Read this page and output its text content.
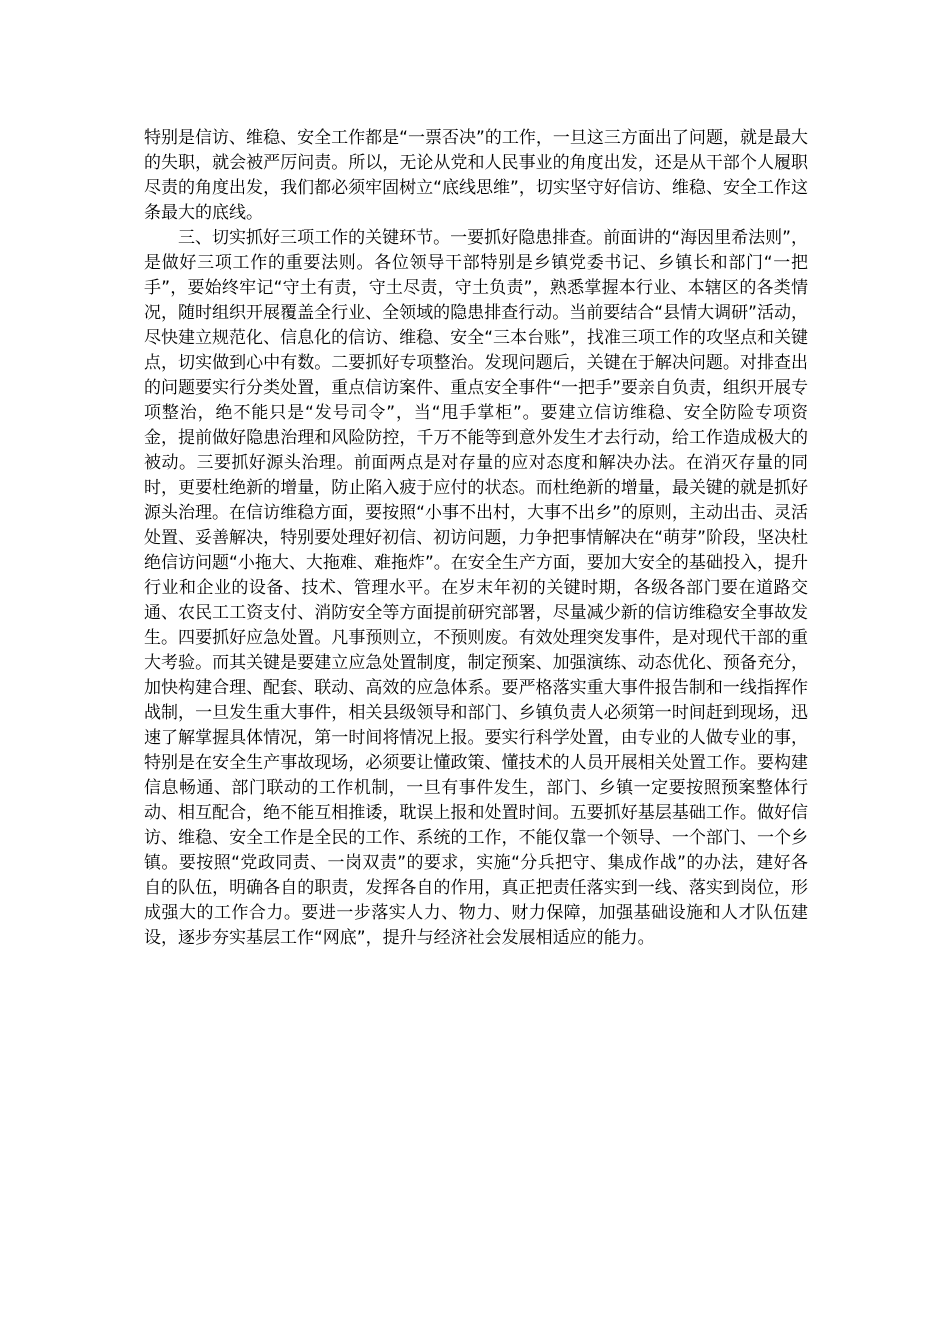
特别是信访、维稳、安全工作都是“一票否决”的工作，一旦这三方面出了问题，就是最大的失职，就会被严厉问责。所以，无论从党和人民事业的角度出发，还是从干部个人履职尽责的角度出发，我们都必须牢固树立“底线思维”，切实坚守好信访、维稳、安全工作这条最大的底线。

三、切实抓好三项工作的关键环节。一要抓好隐患排查。前面讲的“海因里希法则”，是做好三项工作的重要法则。各位领导干部特别是乡镇党委书记、乡镇长和部门“一把手”，要始终牢记“守土有责，守土尽责，守土负责”，熟悉掌握本行业、本辖区的各类情况，随时组织开展覆盖全行业、全领域的隐患排查行动。当前要结合“县情大调研”活动，尽快建立规范化、信息化的信访、维稳、安全“三本台账”，找准三项工作的攻坚点和关键点，切实做到心中有数。二要抓好专项整治。发现问题后，关键在于解决问题。对排查出的问题要实行分类处置，重点信访案件、重点安全事件“一把手”要亲自负责，组织开展专项整治，绝不能只是“发号司令”，当“甩手掌柜”。要建立信访维稳、安全防险专项资金，提前做好隐患治理和风险防控，千万不能等到意外发生才去行动，给工作造成极大的被动。三要抓好源头治理。前面两点是对存量的应对态度和解决办法。在消灭存量的同时，更要杜绝新的增量，防止陷入疲于应付的状态。而杜绝新的增量，最关键的就是抓好源头治理。在信访维稳方面，要按照“小事不出村，大事不出乡”的原则，主动出击、灵活处置、妥善解决，特别要处理好初信、初访问题，力争把事情解决在“萌芽”阶段，坚决杜绝信访问题“小拖大、大拖难、难拖炸”。在安全生产方面，要加大安全的基础投入，提升行业和企业的设备、技术、管理水平。在岁末年初的关键时期，各级各部门要在道路交通、农民工工资支付、消防安全等方面提前研究部署，尽量减少新的信访维稳安全事故发生。四要抓好应急处置。凡事预则立，不预则废。有效处理突发事件，是对现代干部的重大考验。而其关键是要建立应急处置制度，制定预案、加强演练、动态优化、预备充分，加快构建合理、配套、联动、高效的应急体系。要严格落实重大事件报告制和一线指挥作战制，一旦发生重大事件，相关县级领导和部门、乡镇负责人必须第一时间赶到现场，迅速了解掌握具体情况，第一时间将情况上报。要实行科学处置，由专业的人做专业的事，特别是在安全生产事故现场，必须要让懂政策、懂技术的人员开展相关处置工作。要构建信息畅通、部门联动的工作机制，一旦有事件发生，部门、乡镇一定要按照预案整体行动、相互配合，绝不能互相推诿，耽误上报和处置时间。五要抓好基层基础工作。做好信访、维稳、安全工作是全民的工作、系统的工作，不能仅靠一个领导、一个部门、一个乡镇。要按照“党政同责、一岗双责”的要求，实施“分兵把守、集成作战”的办法，建好各自的队伍，明确各自的职责，发挥各自的作用，真正把责任落实到一线、落实到岗位，形成强大的工作合力。要进一步落实人力、物力、财力保障，加强基础设施和人才队伍建设，逐步夯实基层工作“网底”，提升与经济社会发展相适应的能力。
